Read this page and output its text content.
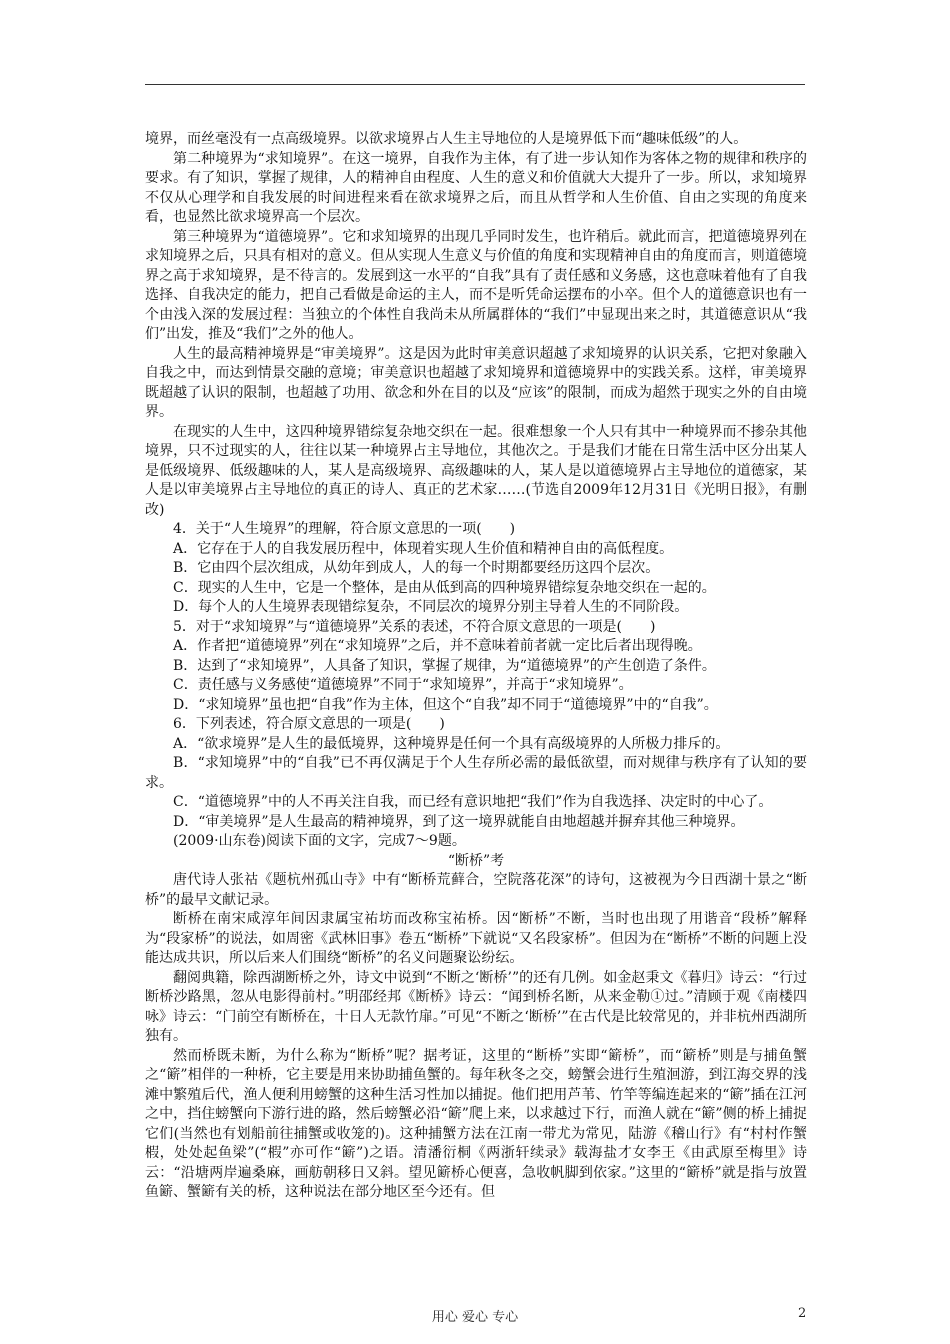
境界，而丝毫没有一点高级境界。以欲求境界占人生主导地位的人是境界低下而“趣味低级”的人。

第二种境界为“求知境界”。在这一境界，自我作为主体，有了进一步认知作为客体之物的规律和秩序的要求。有了知识，掌握了规律，人的精神自由程度、人生的意义和价值就大大提升了一步。所以，求知境界不仅从心理学和自我发展的时间进程来看在欲求境界之后，而且从哲学和人生价值、自由之实现的角度来看，也显然比欲求境界高一个层次。

第三种境界为“道德境界”。它和求知境界的出现几乎同时发生，也许稍后。就此而言，把道德境界列在求知境界之后，只具有相对的意义。但从实现人生意义与价值的角度和实现精神自由的角度而言，则道德境界之高于求知境界，是不待言的。发展到这一水平的“自我”具有了责任感和义务感，这也意味着他有了自我选择、自我决定的能力，把自己看做是命运的主人，而不是听凭命运摆布的小卒。但个人的道德意识也有一个由浅入深的发展过程：当独立的个体性自我尚未从所属群体的“我们”中显现出来之时，其道德意识从“我们”出发，推及“我们”之外的他人。

人生的最高精神境界是“审美境界”。这是因为此时审美意识超越了求知境界的认识关系，它把对象融入自我之中，而达到情景交融的意境；审美意识也超越了求知境界和道德境界中的实践关系。这样，审美境界既超越了认识的限制，也超越了功用、欲念和外在目的以及“应该”的限制，而成为超然于现实之外的自由境界。

在现实的人生中，这四种境界错综复杂地交织在一起。很难想象一个人只有其中一种境界而不掺杂其他境界，只不过现实的人，往往以某一种境界占主导地位，其他次之。于是我们才能在日常生活中区分出某人是低级境界、低级趣味的人，某人是高级境界、高级趣味的人，某人是以道德境界占主导地位的道德家，某人是以审美境界占主导地位的真正的诗人、真正的艺术家……(节选自2009年12月31日《光明日报》，有删改)

4．关于“人生境界”的理解，符合原文意思的一项(　　)

A．它存在于人的自我发展历程中，体现着实现人生价值和精神自由的高低程度。

B．它由四个层次组成，从幼年到成人，人的每一个时期都要经历这四个层次。

C．现实的人生中，它是一个整体，是由从低到高的四种境界错综复杂地交织在一起的。

D．每个人的人生境界表现错综复杂，不同层次的境界分别主导着人生的不同阶段。

5．对于“求知境界”与“道德境界”关系的表述，不符合原文意思的一项是(　　)

A．作者把“道德境界”列在“求知境界”之后，并不意味着前者就一定比后者出现得晚。

B．达到了“求知境界”，人具备了知识，掌握了规律，为“道德境界”的产生创造了条件。

C．责任感与义务感使“道德境界”不同于“求知境界”，并高于“求知境界”。

D．“求知境界”虽也把“自我”作为主体，但这个“自我”却不同于“道德境界”中的“自我”。

6．下列表述，符合原文意思的一项是(　　)

A．“欲求境界”是人生的最低境界，这种境界是任何一个具有高级境界的人所极力排斥的。

B．“求知境界”中的“自我”已不再仅满足于个人生存所必需的最低欲望，而对规律与秩序有了认知的要求。

C．“道德境界”中的人不再关注自我，而已经有意识地把“我们”作为自我选择、决定时的中心了。

D．“审美境界”是人生最高的精神境界，到了这一境界就能自由地超越并摒弃其他三种境界。

(2009·山东卷)阅读下面的文字，完成7～9题。

“断桥”考

唐代诗人张祜《题杭州孤山寺》中有“断桥荒藓合，空院落花深”的诗句，这被视为今日西湖十景之“断桥”的最早文献记录。

断桥在南宋咸淳年间因隶属宝祐坊而改称宝祐桥。因“断桥”不断，当时也出现了用谐音“段桥”解释为“段家桥”的说法，如周密《武林旧事》卷五“断桥”下就说“又名段家桥”。但因为在“断桥”不断的问题上没能达成共识，所以后来人们围绕“断桥”的名义问题聚讼纷纭。

翻阅典籍，除西湖断桥之外，诗文中说到“不断之‘断桥’”的还有几例。如金赵秉文《暮归》诗云：“行过断桥沙路黑，忽从电影得前村。”明邵经邦《断桥》诗云：“闻到桥名断，从来金勒①过。”清顾于观《南楼四咏》诗云：“门前空有断桥在，十日人无款竹扉。”可见“不断之‘断桥’”在古代是比较常见的，并非杭州西湖所独有。

然而桥既未断，为什么称为“断桥”呢？据考证，这里的“断桥”实即“簖桥”，而“簖桥”则是与捕鱼蟹之“簖”相伴的一种桥，它主要是用来协助捕鱼蟹的。每年秋冬之交，螃蟹会进行生殖洄游，到江海交界的浅滩中繁殖后代，渔人便利用螃蟹的这种生活习性加以捕捉。他们把用芦苇、竹竿等编连起来的“簖”插在江河之中，挡住螃蟹向下游行进的路，然后螃蟹必沿“簖”爬上来，以求越过下行，而渔人就在“簖”侧的桥上捕捉它们(当然也有划船前往捕蟹或收笼的)。这种捕蟹方法在江南一带尤为常见，陆游《稽山行》有“村村作蟹椵，处处起鱼梁”(“椵”亦可作“簖”)之语。清潘衍桐《两浙轩续录》载海盐才女李王《由武原至梅里》诗云：“沿塘两岸遍桑麻，画舫朝移日又斜。望见簖桥心便喜，急收帆脚到依家。”这里的“簖桥”就是指与放置鱼簖、蟹簖有关的桥，这种说法在部分地区至今还有。但

用心 爱心 专心	2
